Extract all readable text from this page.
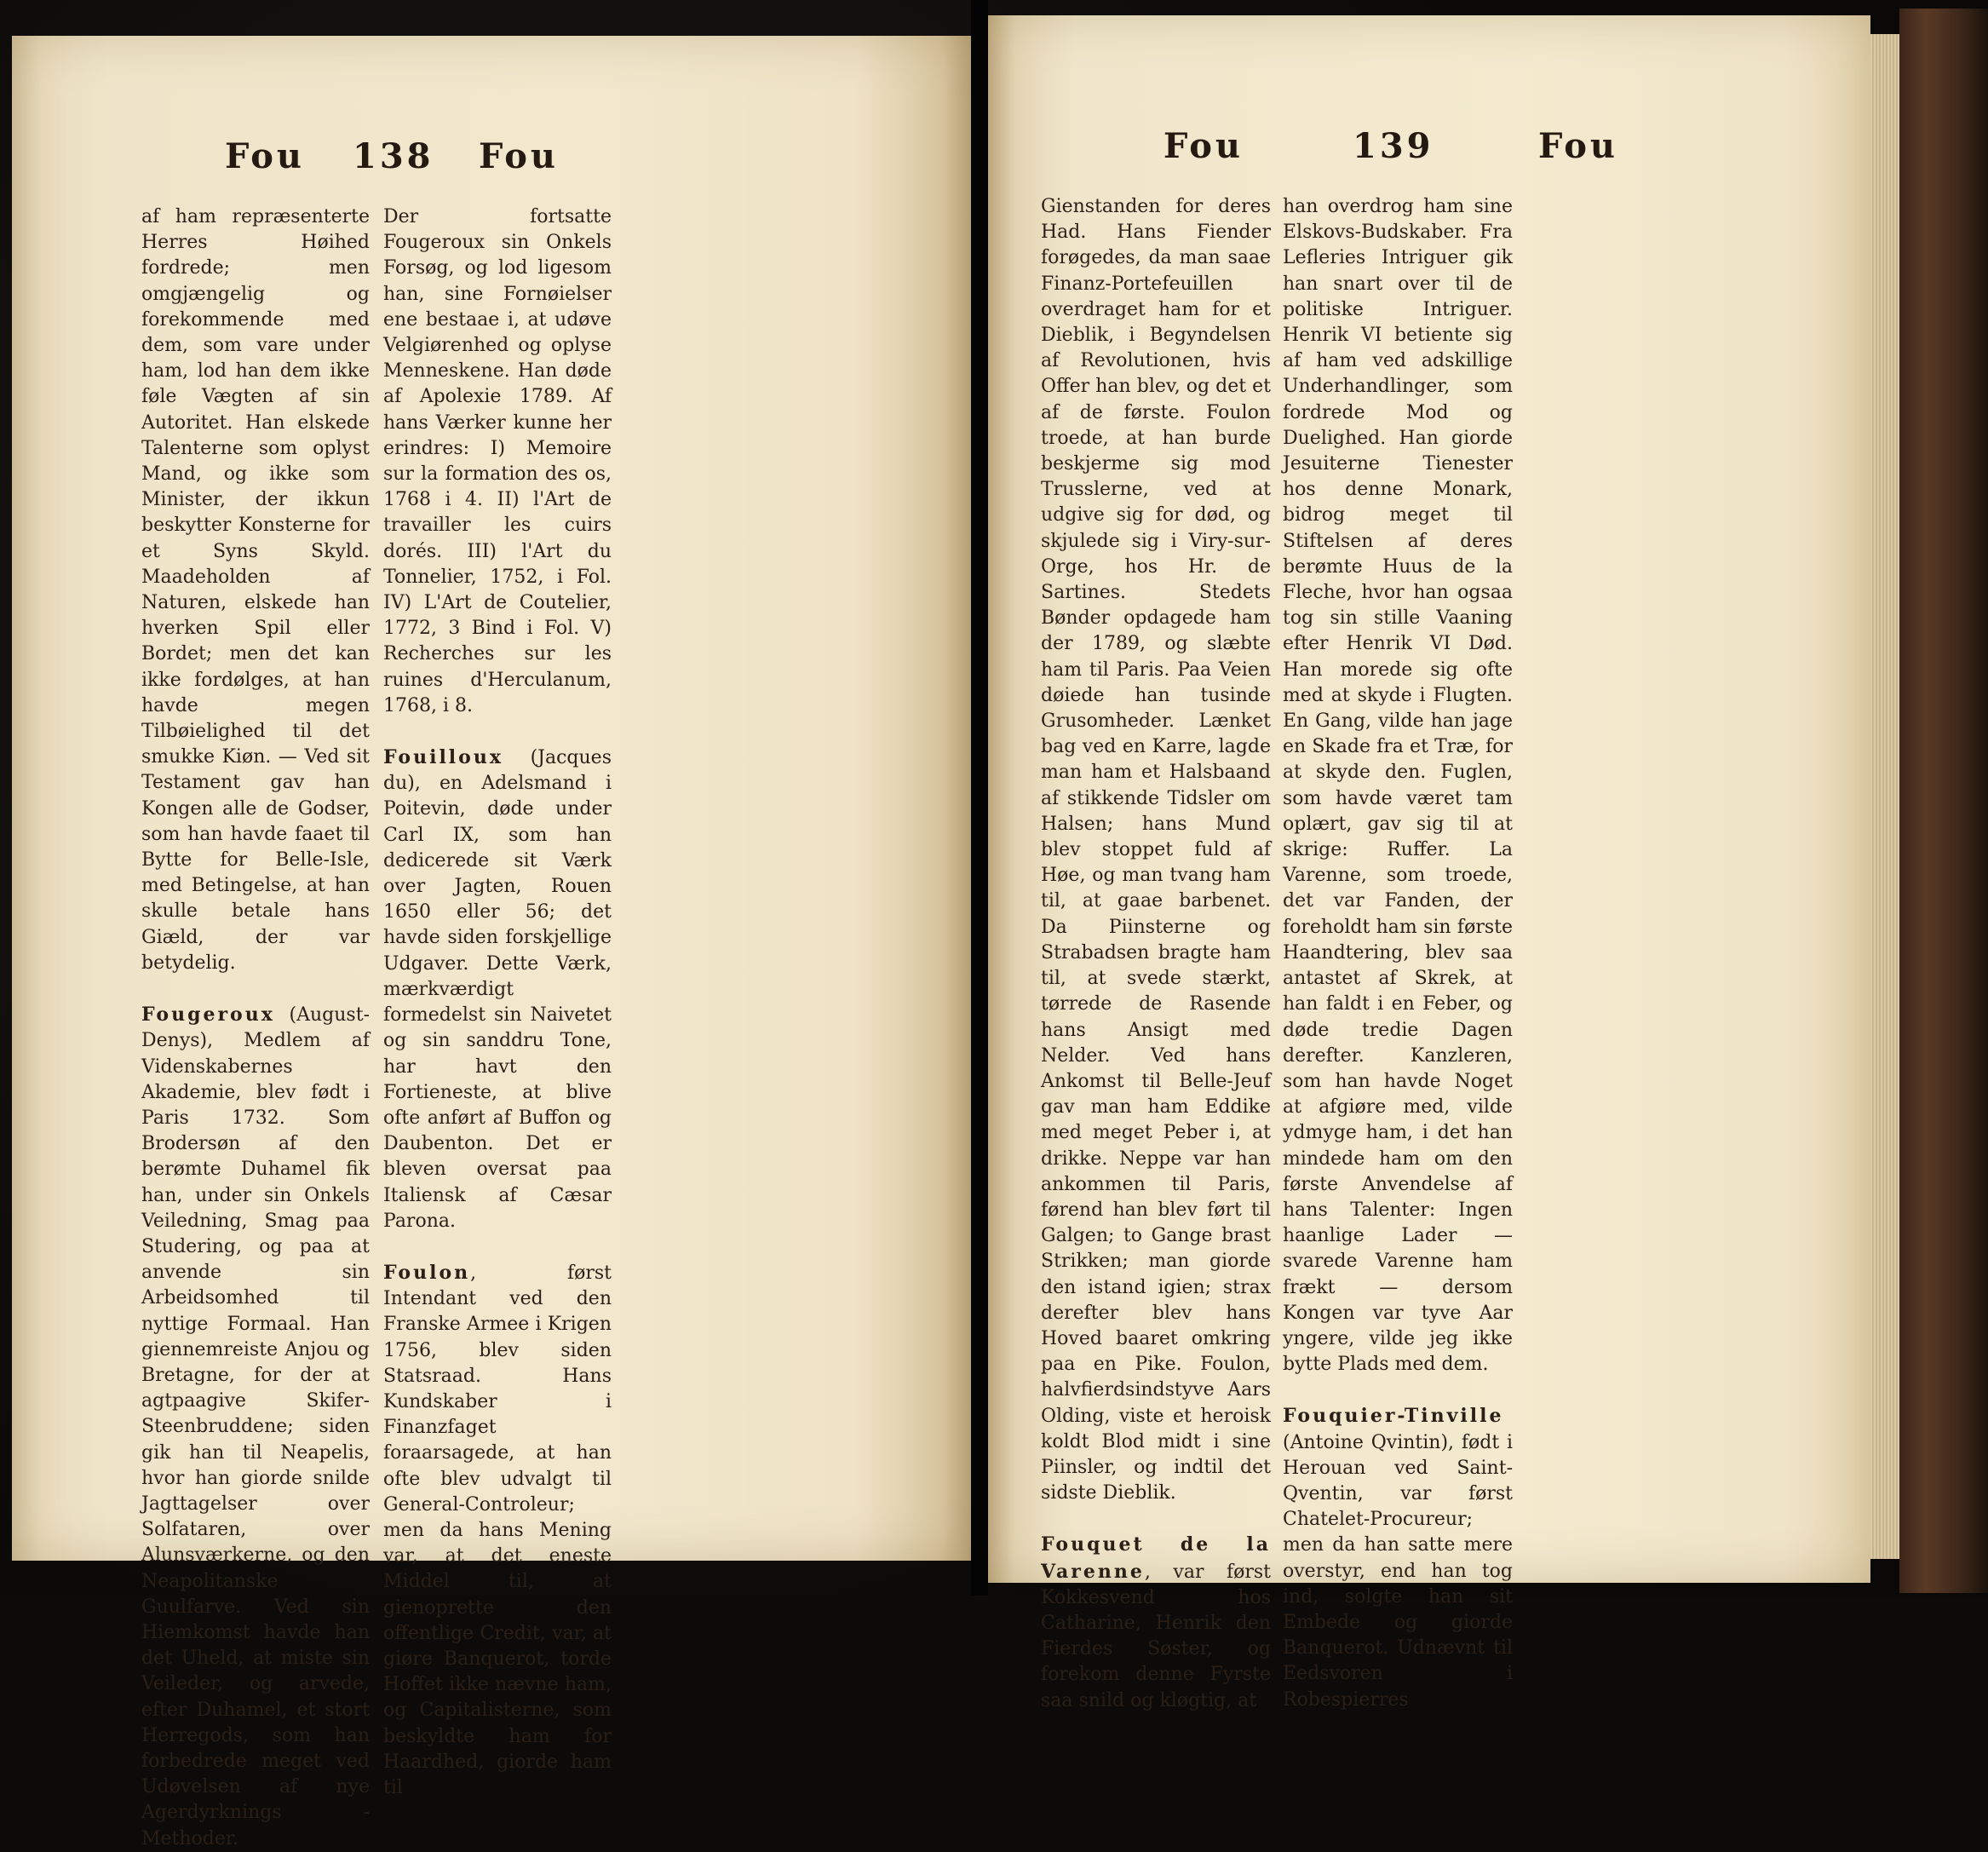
Fou 138 Fou

af ham repræsenterte Herres Høihed fordrede; men omgjængelig og forekommende med dem, som vare under ham, lod han dem ikke føle Vægten af sin Autoritet. Han elskede Talenterne som oplyst Mand, og ikke som Minister, der ikkun beskytter Konsterne for et Syns Skyld. Maadeholden af Naturen, elskede han hverken Spil eller Bordet; men det kan ikke fordølges, at han havde megen Tilbøielighed til det smukke Kiøn. — Ved sit Testament gav han Kongen alle de Godser, som han havde faaet til Bytte for Belle-Isle, med Betingelse, at han skulle betale hans Giæld, der var betydelig.

Fougeroux (August-Denys), Medlem af Videnskabernes Akademie, blev født i Paris 1732. Som Brodersøn af den berømte Duhamel fik han, under sin Onkels Veiledning, Smag paa Studering, og paa at anvende sin Arbeidsomhed til nyttige Formaal. Han giennemreiste Anjou og Bretagne, for der at agtpaagive Skifer-Steenbruddene; siden gik han til Neapelis, hvor han giorde snilde Jagttagelser over Solfataren, over Alunsværkerne, og den Neapolitanske Guulfarve. Ved sin Hiemkomst havde han det Uheld, at miste sin Veileder, og arvede, efter Duhamel, et stort Herregods, som han forbedrede meget ved Udøvelsen af nye Agerdyrknings - Methoder.

Der fortsatte Fougeroux sin Onkels Forsøg, og lod ligesom han, sine Fornøielser ene bestaae i, at udøve Velgiørenhed og oplyse Menneskene. Han døde af Apolexie 1789. Af hans Værker kunne her erindres: I) Memoire sur la formation des os, 1768 i 4. II) l'Art de travailler les cuirs dorés. III) l'Art du Tonnelier, 1752, i Fol. IV) L'Art de Coutelier, 1772, 3 Bind i Fol. V) Recherches sur les ruines d'Herculanum, 1768, i 8.

Fouilloux (Jacques du), en Adelsmand i Poitevin, døde under Carl IX, som han dedicerede sit Værk over Jagten, Rouen 1650 eller 56; det havde siden forskjellige Udgaver. Dette Værk, mærkværdigt formedelst sin Naivetet og sin sanddru Tone, har havt den Fortieneste, at blive ofte anført af Buffon og Daubenton. Det er bleven oversat paa Italiensk af Cæsar Parona.

Foulon, først Intendant ved den Franske Armee i Krigen 1756, blev siden Statsraad. Hans Kundskaber i Finanzfaget foraarsagede, at han ofte blev udvalgt til General-Controleur; men da hans Mening var, at det eneste Middel til, at gienoprette den offentlige Credit, var, at giøre Banquerot, torde Hoffet ikke nævne ham, og Capitalisterne, som beskyldte ham for Haardhed, giorde ham til

Fou	139	Fou

Gienstanden for deres Had. Hans Fiender forøgedes, da man saae Finanz-Portefeuillen overdraget ham for et Dieblik, i Begyndelsen af Revolutionen, hvis Offer han blev, og det et af de første. Foulon troede, at han burde beskjerme sig mod Trusslerne, ved at udgive sig for død, og skjulede sig i Viry-sur-Orge, hos Hr. de Sartines. Stedets Bønder opdagede ham der 1789, og slæbte ham til Paris. Paa Veien døiede han tusinde Grusomheder. Lænket bag ved en Karre, lagde man ham et Halsbaand af stikkende Tidsler om Halsen; hans Mund blev stoppet fuld af Høe, og man tvang ham til, at gaae barbenet. Da Piinsterne og Strabadsen bragte ham til, at svede stærkt, tørrede de Rasende hans Ansigt med Nelder. Ved hans Ankomst til Belle-Jeuf gav man ham Eddike med meget Peber i, at drikke. Neppe var han ankommen til Paris, førend han blev ført til Galgen; to Gange brast Strikken; man giorde den istand igien; strax derefter blev hans Hoved baaret omkring paa en Pike. Foulon, halvfierdsindstyve Aars Olding, viste et heroisk koldt Blod midt i sine Piinsler, og indtil det sidste Dieblik.

Fouquet de la Varenne, var først Kokkesvend hos Catharine, Henrik den Fierdes Søster, og forekom denne Fyrste saa snild og kløgtig, at

han overdrog ham sine Elskovs-Budskaber. Fra Lefleries Intriguer gik han snart over til de politiske Intriguer. Henrik VI betiente sig af ham ved adskillige Underhandlinger, som fordrede Mod og Duelighed. Han giorde Jesuiterne Tienester hos denne Monark, bidrog meget til Stiftelsen af deres berømte Huus de la Fleche, hvor han ogsaa tog sin stille Vaaning efter Henrik VI Død. Han morede sig ofte med at skyde i Flugten. En Gang, vilde han jage en Skade fra et Træ, for at skyde den. Fuglen, som havde været tam oplært, gav sig til at skrige: Ruffer. La Varenne, som troede, det var Fanden, der foreholdt ham sin første Haandtering, blev saa antastet af Skrek, at han faldt i en Feber, og døde tredie Dagen derefter. Kanzleren, som han havde Noget at afgiøre med, vilde ydmyge ham, i det han mindede ham om den første Anvendelse af hans Talenter: Ingen haanlige Lader — svarede Varenne ham frækt — dersom Kongen var tyve Aar yngere, vilde jeg ikke bytte Plads med dem.

Fouquier-Tinville (Antoine Qvintin), født i Herouan ved Saint-Qventin, var først Chatelet-Procureur; men da han satte mere overstyr, end han tog ind, solgte han sit Embede og giorde Banquerot. Udnævnt til Eedsvoren i Robespierres
